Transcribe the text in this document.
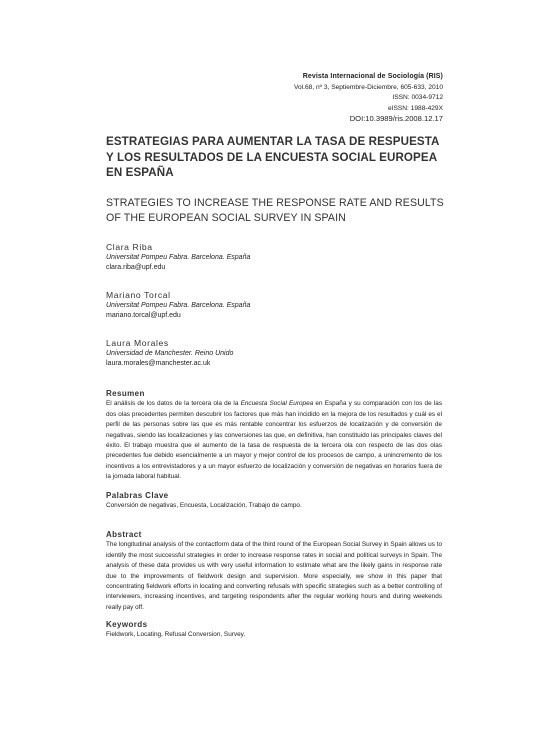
Revista Internacional de Sociología (RIS)
Vol.68, nº 3, Septiembre-Diciembre, 605-633, 2010
ISSN: 0034-9712
eISSN: 1988-429X
DOI:10.3989/ris.2008.12.17
ESTRATEGIAS PARA AUMENTAR LA TASA DE RESPUESTA Y LOS RESULTADOS DE LA ENCUESTA SOCIAL EUROPEA EN ESPAÑA
STRATEGIES TO INCREASE THE RESPONSE RATE AND RESULTS OF THE EUROPEAN SOCIAL SURVEY IN SPAIN
Clara Riba
Universitat Pompeu Fabra. Barcelona. España
clara.riba@upf.edu
Mariano Torcal
Universitat Pompeu Fabra. Barcelona. España
mariano.torcal@upf.edu
Laura Morales
Universidad de Manchester. Reino Unido
laura.morales@manchester.ac.uk
Resumen
El análisis de los datos de la tercera ola de la Encuesta Social Europea en España y su comparación con los de las dos olas precedentes permiten descubrir los factores que más han incidido en la mejora de los resultados y cuál es el perfil de las personas sobre las que es más rentable concentrar los esfuerzos de localización y de conversión de negativas, siendo las localizaciones y las conversiones las que, en definitiva, han constituido las principales claves del éxito. El trabajo muestra que el aumento de la tasa de respuesta de la tercera ola con respecto de las dos olas precedentes fue debido esencialmente a un mayor y mejor control de los procesos de campo, a unincremento de los incentivos a los entrevistadores y a un mayor esfuerzo de localización y conversión de negativas en horarios fuera de la jornada laboral habitual.
Palabras Clave
Conversión de negativas, Encuesta, Localización, Trabajo de campo.
Abstract
The longitudinal analysis of the contactform data of the third round of the European Social Survey in Spain allows us to identify the most successful strategies in order to increase response rates in social and political surveys in Spain. The analysis of these data provides us with very useful information to estimate what are the likely gains in response rate due to the improvements of fieldwork design and supervision. More especially, we show in this paper that concentrating fieldwork efforts in locating and converting refusals with specific strategies such as a better controlling of interviewers, increasing incentives, and targeting respondents after the regular working hours and during weekends really pay off.
Keywords
Fieldwork, Locating, Refusal Conversion, Survey.
